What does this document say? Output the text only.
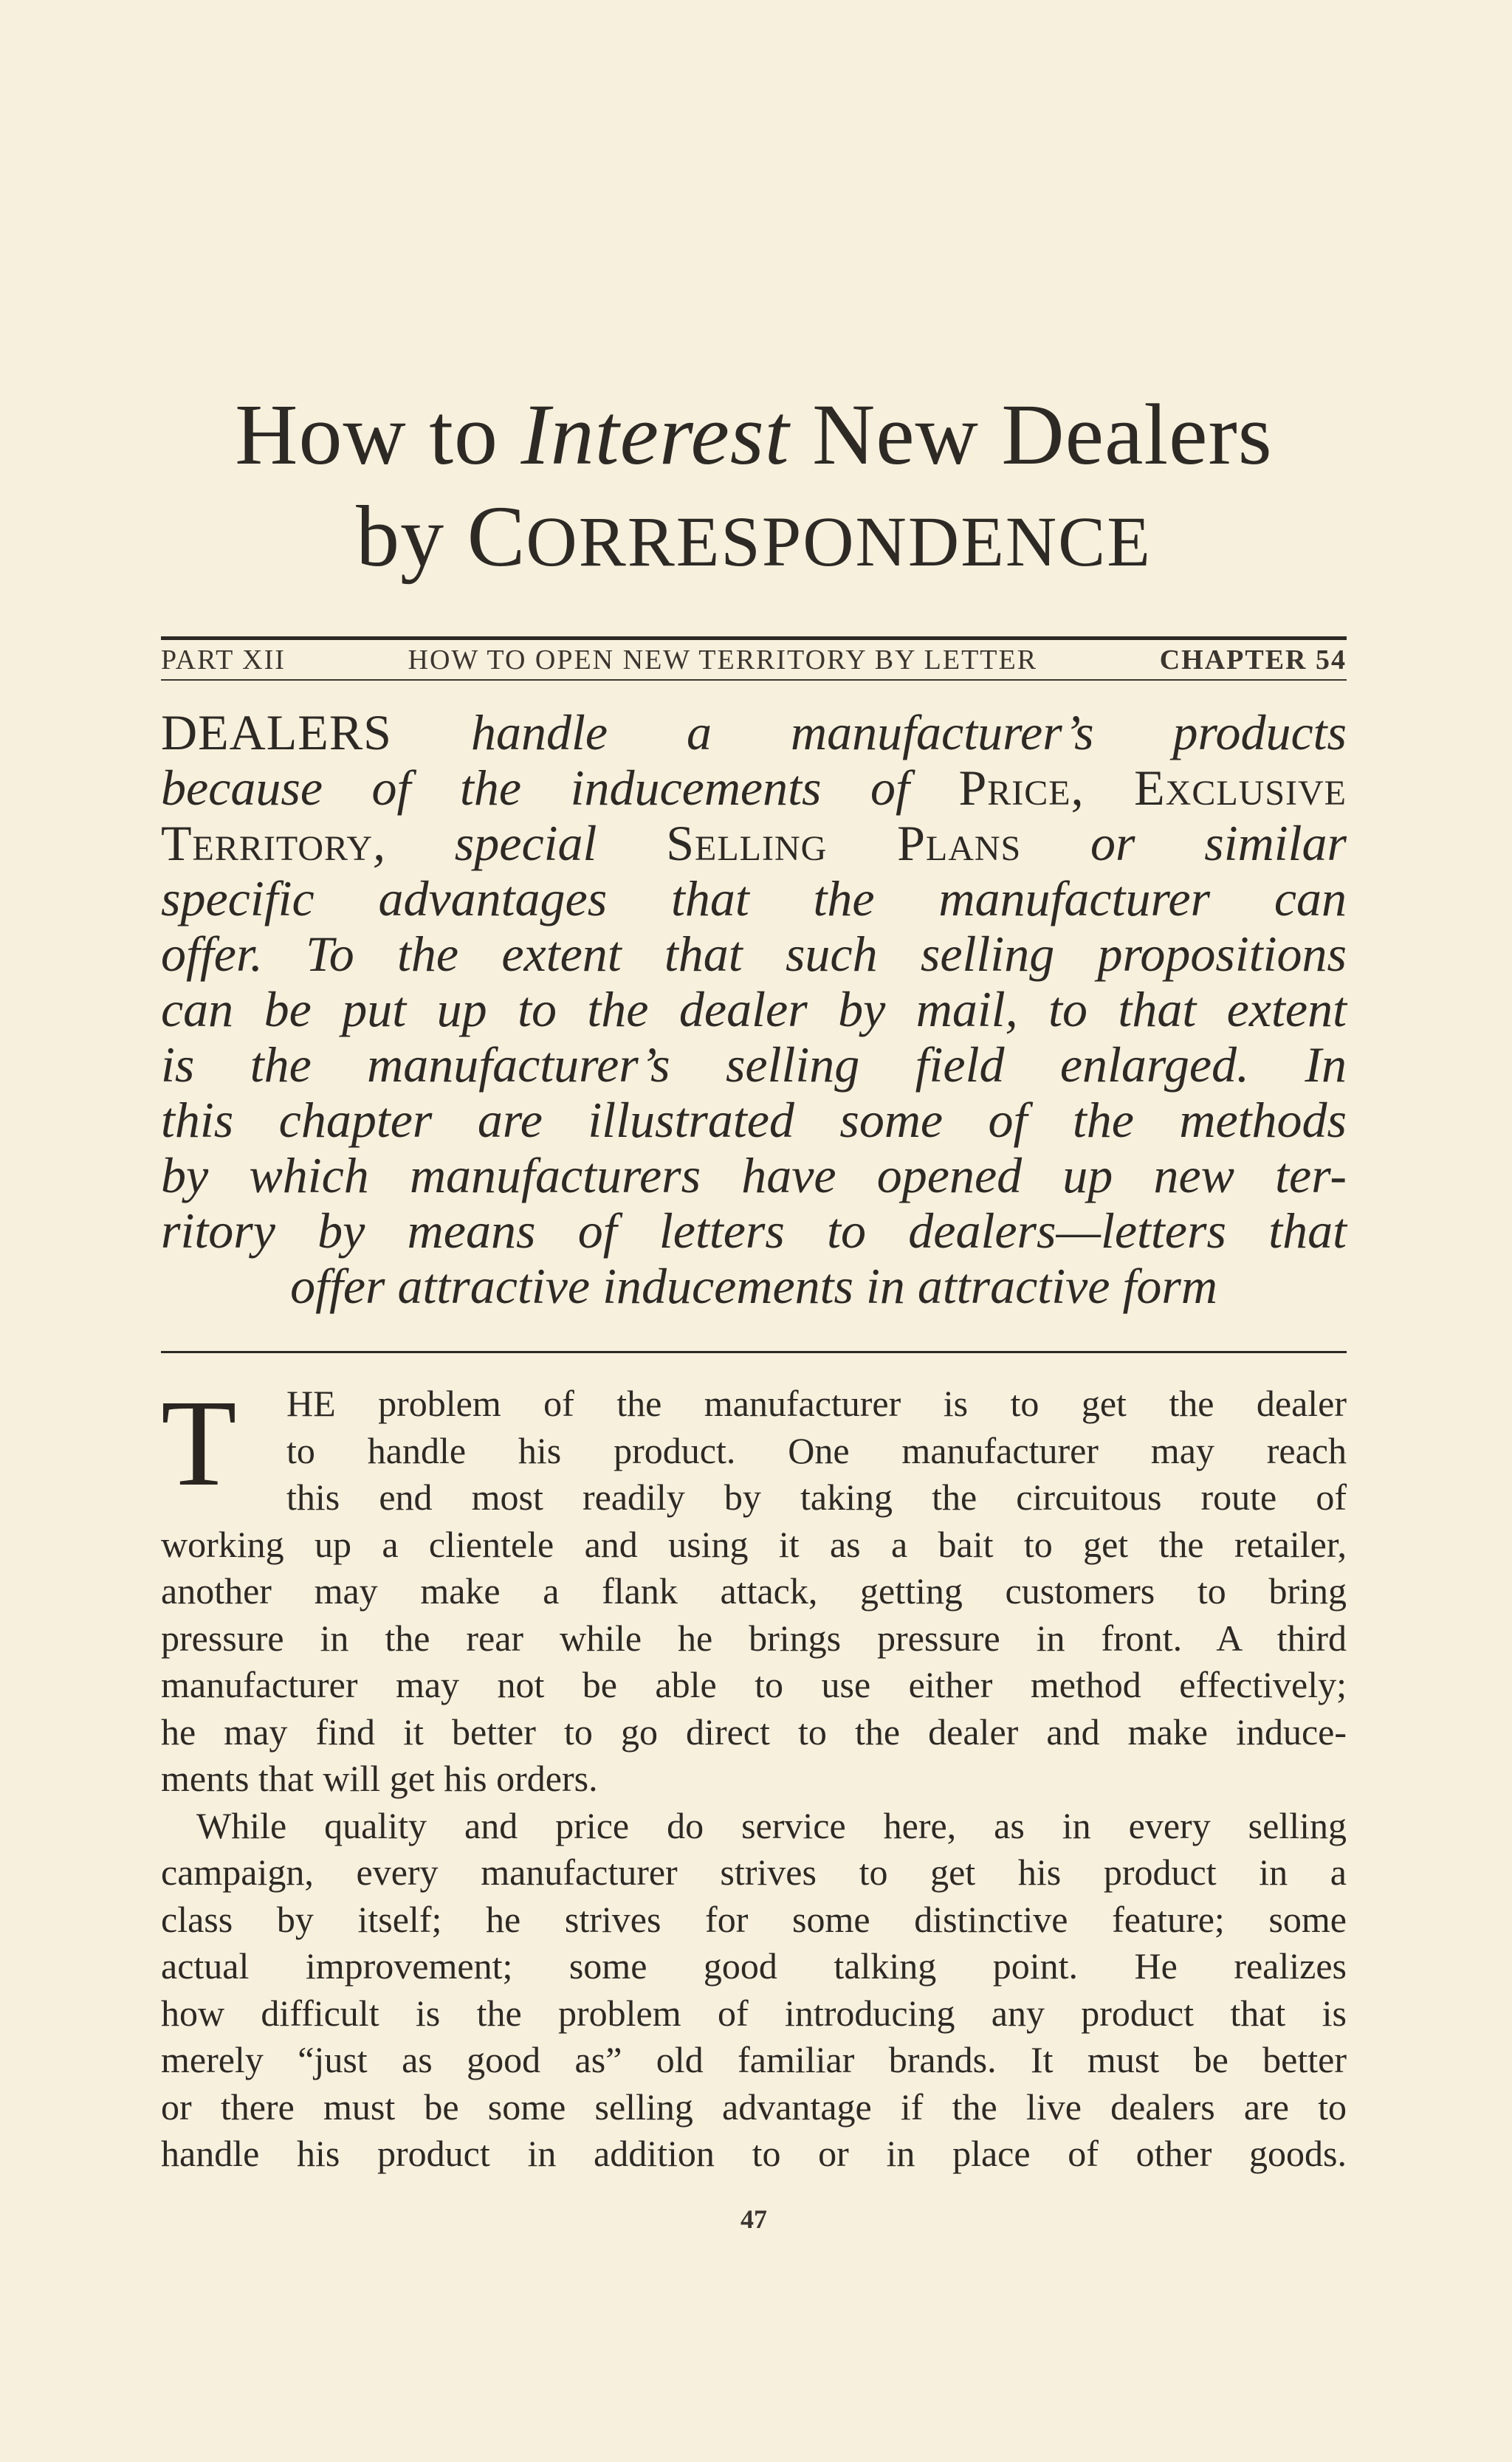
How to Interest New Dealers
by CORRESPONDENCE
PART XII	HOW TO OPEN NEW TERRITORY BY LETTER	CHAPTER 54
DEALERS handle a manufacturer’s products
because of the inducements of Price, Exclusive
Territory, special Selling Plans or similar
specific advantages that the manufacturer can
offer. To the extent that such selling propositions
can be put up to the dealer by mail, to that extent
is the manufacturer’s selling field enlarged. In
this chapter are illustrated some of the methods
by which manufacturers have opened up new ter-
ritory by means of letters to dealers—letters that
offer attractive inducements in attractive form
T	HE problem of the manufacturer is to get the dealer
to handle his product. One manufacturer may reach
this end most readily by taking the circuitous route of
working up a clientele and using it as a bait to get the retailer,
another may make a flank attack, getting customers to bring
pressure in the rear while he brings pressure in front. A third
manufacturer may not be able to use either method effectively;
he may find it better to go direct to the dealer and make induce-
ments that will get his orders.
While quality and price do service here, as in every selling
campaign, every manufacturer strives to get his product in a
class by itself; he strives for some distinctive feature; some
actual improvement; some good talking point. He realizes
how difficult is the problem of introducing any product that is
merely “just as good as” old familiar brands. It must be better
or there must be some selling advantage if the live dealers are to
handle his product in addition to or in place of other goods.
47
